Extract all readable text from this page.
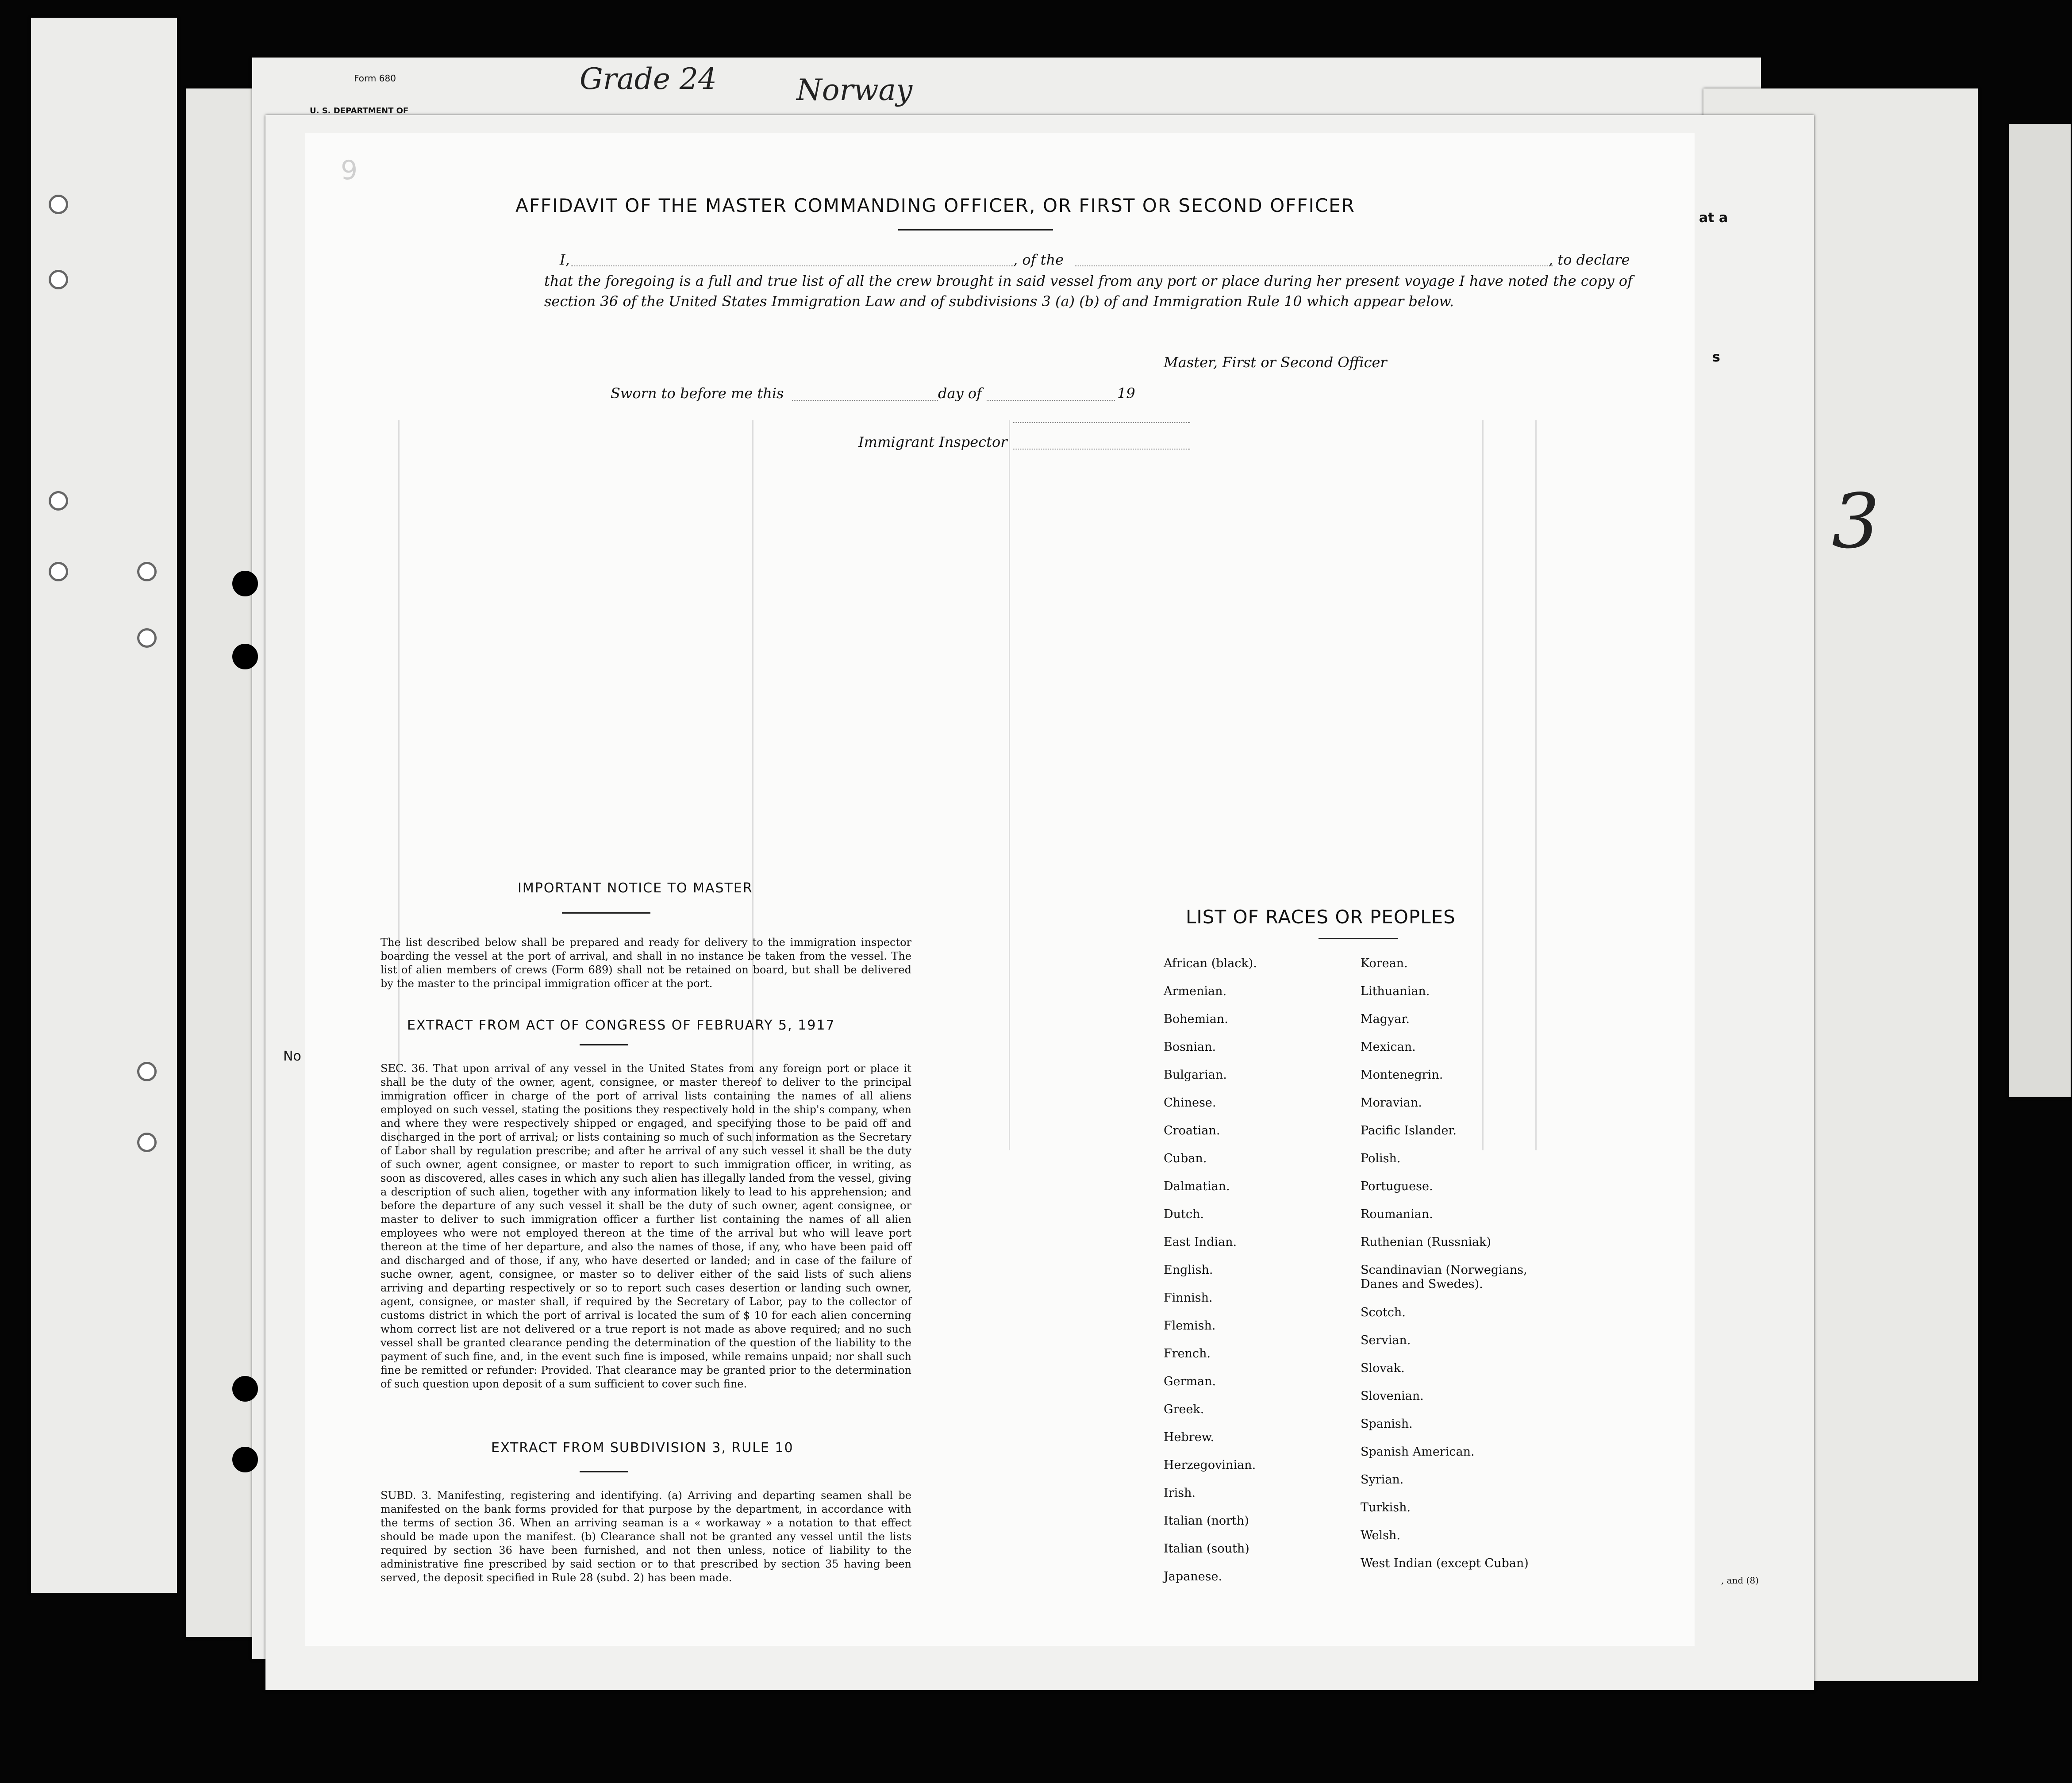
Form 680
U. S. DEPARTMENT OF
Grade 24	Norway
at a
s
3
, and (8)
No
AFFIDAVIT OF THE MASTER COMMANDING OFFICER, OR FIRST OR SECOND OFFICER
I,	, of the	, to declare
that the foregoing is a full and true list of all the crew brought in said vessel from any port or place during her present voyage I have noted the copy of section 36 of the United States Immigration Law and of subdivisions 3 (a) (b) of and Immigration Rule 10 which appear below.
Master, First or Second Officer
Sworn to before me this	day of	19
Immigrant Inspector
IMPORTANT NOTICE TO MASTER
The list described below shall be prepared and ready for delivery to the immigration inspector boarding the vessel at the port of arrival, and shall in no instance be taken from the vessel. The list of alien members of crews (Form 689) shall not be retained on board, but shall be delivered by the master to the principal immigration officer at the port.
EXTRACT FROM ACT OF CONGRESS OF FEBRUARY 5, 1917
SEC. 36. That upon arrival of any vessel in the United States from any foreign port or place it shall be the duty of the owner, agent, consignee, or master thereof to deliver to the principal immigration officer in charge of the port of arrival lists containing the names of all aliens employed on such vessel, stating the positions they respectively hold in the ship's company, when and where they were respectively shipped or engaged, and specifying those to be paid off and discharged in the port of arrival; or lists containing so much of such information as the Secretary of Labor shall by regulation prescribe; and after he arrival of any such vessel it shall be the duty of such owner, agent consignee, or master to report to such immigration officer, in writing, as soon as discovered, alles cases in which any such alien has illegally landed from the vessel, giving a description of such alien, together with any information likely to lead to his apprehension; and before the departure of any such vessel it shall be the duty of such owner, agent consignee, or master to deliver to such immigration officer a further list containing the names of all alien employees who were not employed thereon at the time of the arrival but who will leave port thereon at the time of her departure, and also the names of those, if any, who have been paid off and discharged and of those, if any, who have deserted or landed; and in case of the failure of suche owner, agent, consignee, or master so to deliver either of the said lists of such aliens arriving and departing respectively or so to report such cases desertion or landing such owner, agent, consignee, or master shall, if required by the Secretary of Labor, pay to the collector of customs district in which the port of arrival is located the sum of $ 10 for each alien concerning whom correct list are not delivered or a true report is not made as above required; and no such vessel shall be granted clearance pending the determination of the question of the liability to the payment of such fine, and, in the event such fine is imposed, while remains unpaid; nor shall such fine be remitted or refunder: Provided. That clearance may be granted prior to the determination of such question upon deposit of a sum sufficient to cover such fine.
EXTRACT FROM SUBDIVISION 3, RULE 10
SUBD. 3. Manifesting, registering and identifying. (a) Arriving and departing seamen shall be manifested on the bank forms provided for that purpose by the department, in accordance with the terms of section 36. When an arriving seaman is a « workaway » a notation to that effect should be made upon the manifest. (b) Clearance shall not be granted any vessel until the lists required by section 36 have been furnished, and not then unless, notice of liability to the administrative fine prescribed by said section or to that prescribed by section 35 having been served, the deposit specified in Rule 28 (subd. 2) has been made.
LIST OF RACES OR PEOPLES
African (black).
Armenian.
Bohemian.
Bosnian.
Bulgarian.
Chinese.
Croatian.
Cuban.
Dalmatian.
Dutch.
East Indian.
English.
Finnish.
Flemish.
French.
German.
Greek.
Hebrew.
Herzegovinian.
Irish.
Italian (north)
Italian (south)
Japanese.
Korean.
Lithuanian.
Magyar.
Mexican.
Montenegrin.
Moravian.
Pacific Islander.
Polish.
Portuguese.
Roumanian.
Ruthenian (Russniak)
Scandinavian (Norwegians, Danes and Swedes).
Scotch.
Servian.
Slovak.
Slovenian.
Spanish.
Spanish American.
Syrian.
Turkish.
Welsh.
West Indian (except Cuban)
9
